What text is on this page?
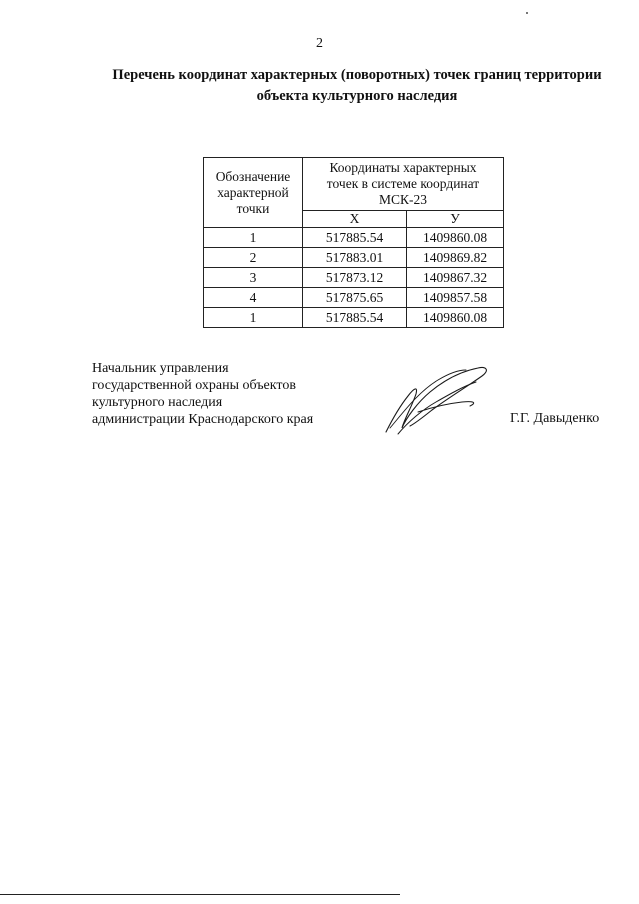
2
Перечень координат характерных (поворотных) точек границ территории
объекта культурного наследия
Обозначение
характерной
точки	Координаты характерных
точек в системе координат
МСК-23	

	X	У
1	517885.54	1409860.08
2	517883.01	1409869.82
3	517873.12	1409867.32
4	517875.65	1409857.58
1	517885.54	1409860.08
Начальник управления
государственной охраны объектов
культурного наследия
администрации Краснодарского края	Г.Г. Давыденко
